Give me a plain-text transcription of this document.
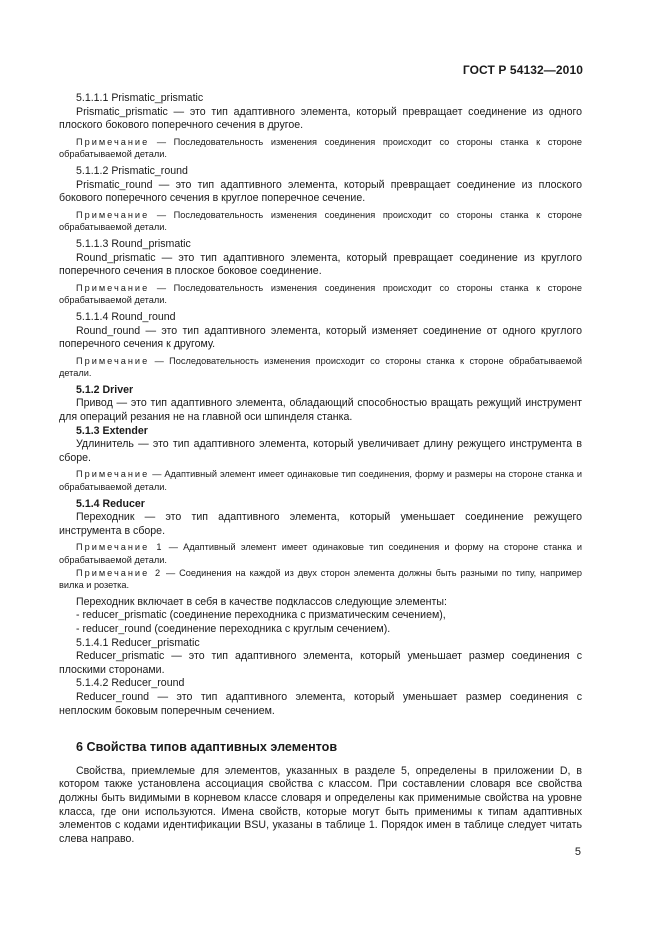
ГОСТ Р 54132—2010

5.1.1.1 Prismatic_prismatic

Prismatic_prismatic — это тип адаптивного элемента, который превращает соединение из одного плоского бокового поперечного сечения в другое.

Примечание — Последовательность изменения соединения происходит со стороны станка к стороне обрабатываемой детали.

5.1.1.2 Prismatic_round

Prismatic_round — это тип адаптивного элемента, который превращает соединение из плоского бокового поперечного сечения в круглое поперечное сечение.

Примечание — Последовательность изменения соединения происходит со стороны станка к стороне обрабатываемой детали.

5.1.1.3 Round_prismatic

Round_prismatic — это тип адаптивного элемента, который превращает соединение из круглого поперечного сечения в плоское боковое соединение.

Примечание — Последовательность изменения соединения происходит со стороны станка к стороне обрабатываемой детали.

5.1.1.4 Round_round

Round_round — это тип адаптивного элемента, который изменяет соединение от одного круглого поперечного сечения к другому.

Примечание — Последовательность изменения происходит со стороны станка к стороне обрабатываемой детали.

5.1.2 Driver

Привод — это тип адаптивного элемента, обладающий способностью вращать режущий инструмент для операций резания не на главной оси шпинделя станка.

5.1.3 Extender

Удлинитель — это тип адаптивного элемента, который увеличивает длину режущего инструмента в сборе.

Примечание — Адаптивный элемент имеет одинаковые тип соединения, форму и размеры на стороне станка и обрабатываемой детали.

5.1.4 Reducer

Переходник — это тип адаптивного элемента, который уменьшает соединение режущего инструмента в сборе.

Примечание 1 — Адаптивный элемент имеет одинаковые тип соединения и форму на стороне станка и обрабатываемой детали.

Примечание 2 — Соединения на каждой из двух сторон элемента должны быть разными по типу, например вилка и розетка.

Переходник включает в себя в качестве подклассов следующие элементы:

- reducer_prismatic (соединение переходника с призматическим сечением),

- reducer_round (соединение переходника с круглым сечением).

5.1.4.1 Reducer_prismatic

Reducer_prismatic — это тип адаптивного элемента, который уменьшает размер соединения с плоскими сторонами.

5.1.4.2 Reducer_round

Reducer_round — это тип адаптивного элемента, который уменьшает размер соединения с неплоским боковым поперечным сечением.

6 Свойства типов адаптивных элементов

Свойства, приемлемые для элементов, указанных в разделе 5, определены в приложении D, в котором также установлена ассоциация свойства с классом. При составлении словаря все свойства должны быть видимыми в корневом классе словаря и определены как применимые свойства на уровне класса, где они используются. Имена свойств, которые могут быть применимы к типам адаптивных элементов с кодами идентификации BSU, указаны в таблице 1. Порядок имен в таблице следует читать слева направо.

5
